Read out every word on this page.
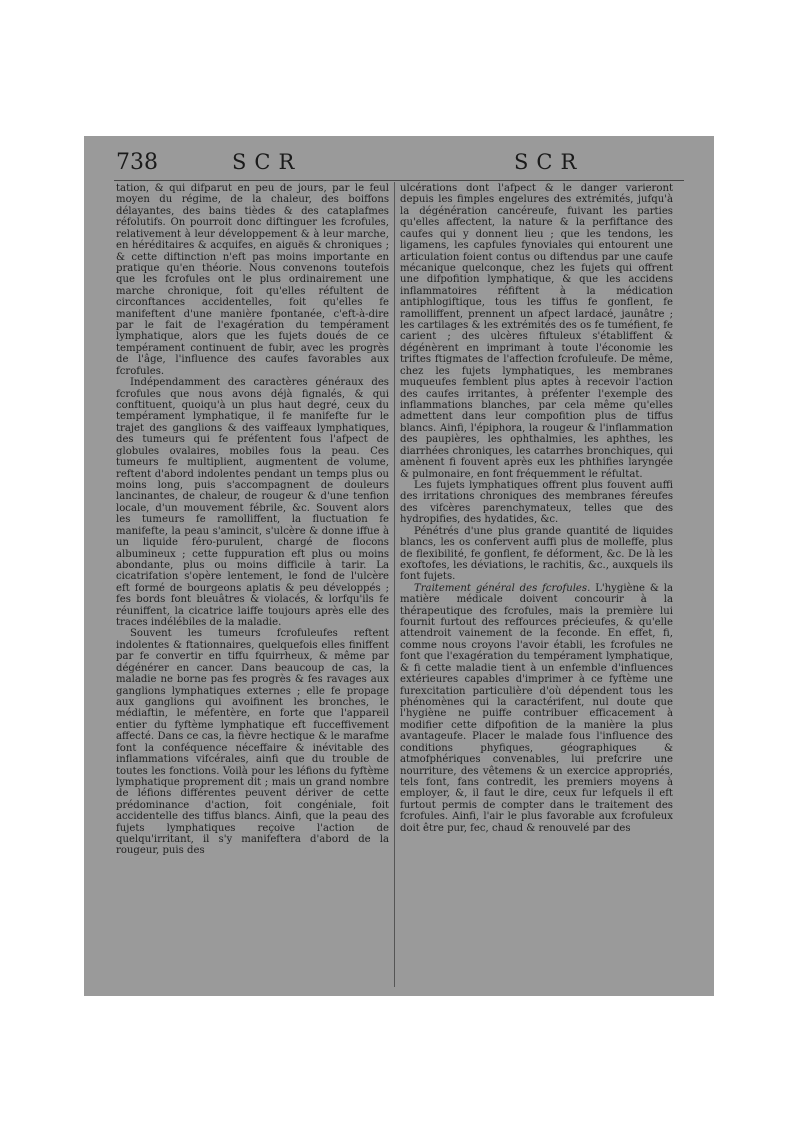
738	SCR	SCR

tation, & qui difparut en peu de jours, par le feul moyen du régime, de la chaleur, des boiffons délayantes, des bains tièdes & des cataplafmes réfolutifs. On pourroit donc diftinguer les fcrofules, relativement à leur développement & à leur marche, en héréditaires & acquifes, en aiguës & chroniques ; & cette diftinction n'eft pas moins importante en pratique qu'en théorie. Nous convenons toutefois que les fcrofules ont le plus ordinairement une marche chronique, foit qu'elles réfultent de circonftances accidentelles, foit qu'elles fe manifeftent d'une manière fpontanée, c'eft-à-dire par le fait de l'exagération du tempérament lymphatique, alors que les fujets doués de ce tempérament continuent de fubir, avec les progrès de l'âge, l'influence des caufes favorables aux fcrofules.

Indépendamment des caractères généraux des fcrofules que nous avons déjà fignalés, & qui conftituent, quoiqu'à un plus haut degré, ceux du tempérament lymphatique, il fe manifefte fur le trajet des ganglions & des vaiffeaux lymphatiques, des tumeurs qui fe préfentent fous l'afpect de globules ovalaires, mobiles fous la peau. Ces tumeurs fe multiplient, augmentent de volume, reftent d'abord indolentes pendant un temps plus ou moins long, puis s'accompagnent de douleurs lancinantes, de chaleur, de rougeur & d'une tenfion locale, d'un mouvement fébrile, &c. Souvent alors les tumeurs fe ramolliffent, la fluctuation fe manifefte, la peau s'amincit, s'ulcère & donne iffue à un liquide féro-purulent, chargé de flocons albumineux ; cette fuppuration eft plus ou moins abondante, plus ou moins difficile à tarir. La cicatrifation s'opère lentement, le fond de l'ulcère eft formé de bourgeons aplatis & peu développés ; fes bords font bleuâtres & violacés, & lorfqu'ils fe réuniffent, la cicatrice laiffe toujours après elle des traces indélébiles de la maladie.

Souvent les tumeurs fcrofuleufes reftent indolentes & ftationnaires, quelquefois elles finiffent par fe convertir en tiffu fquirrheux, & même par dégénérer en cancer. Dans beaucoup de cas, la maladie ne borne pas fes progrès & fes ravages aux ganglions lymphatiques externes ; elle fe propage aux ganglions qui avoifinent les bronches, le médiaftin, le méfentère, en forte que l'appareil entier du fyftème lymphatique eft fucceffivement affecté. Dans ce cas, la fièvre hectique & le marafme font la conféquence néceffaire & inévitable des inflammations vifcérales, ainfi que du trouble de toutes les fonctions. Voilà pour les léfions du fyftème lymphatique proprement dit ; mais un grand nombre de léfions différentes peuvent dériver de cette prédominance d'action, foit congéniale, foit accidentelle des tiffus blancs. Ainfi, que la peau des fujets lymphatiques reçoive l'action de quelqu'irritant, il s'y manifeftera d'abord de la rougeur, puis des

ulcérations dont l'afpect & le danger varieront depuis les fimples engelures des extrémités, jufqu'à la dégénération cancéreufe, fuivant les parties qu'elles affectent, la nature & la perfiftance des caufes qui y donnent lieu ; que les tendons, les ligamens, les capfules fynoviales qui entourent une articulation foient contus ou diftendus par une caufe mécanique quelconque, chez les fujets qui offrent une difpofition lymphatique, & que les accidens inflammatoires réfiftent à la médication antiphlogiftique, tous les tiffus fe gonflent, fe ramolliffent, prennent un afpect lardacé, jaunâtre ; les cartilages & les extrémités des os fe tuméfient, fe carient ; des ulcères fiftuleux s'établiffent & dégénèrent en imprimant à toute l'économie les triftes ftigmates de l'affection fcrofuleufe. De même, chez les fujets lymphatiques, les membranes muqueufes femblent plus aptes à recevoir l'action des caufes irritantes, à préfenter l'exemple des inflammations blanches, par cela même qu'elles admettent dans leur compofition plus de tiffus blancs. Ainfi, l'épiphora, la rougeur & l'inflammation des paupières, les ophthalmies, les aphthes, les diarrhées chroniques, les catarrhes bronchiques, qui amènent fi fouvent après eux les phthifies laryngée & pulmonaire, en font fréquemment le réfultat.

Les fujets lymphatiques offrent plus fouvent auffi des irritations chroniques des membranes féreufes des vifcères parenchymateux, telles que des hydropifies, des hydatides, &c.

Pénétrés d'une plus grande quantité de liquides blancs, les os confervent auffi plus de molleffe, plus de flexibilité, fe gonflent, fe déforment, &c. De là les exoftofes, les déviations, le rachitis, &c., auxquels ils font fujets.

Traitement général des fcrofules. L'hygiène & la matière médicale doivent concourir à la thérapeutique des fcrofules, mais la première lui fournit furtout des reffources précieufes, & qu'elle attendroit vainement de la feconde. En effet, fi, comme nous croyons l'avoir établi, les fcrofules ne font que l'exagération du tempérament lymphatique, & fi cette maladie tient à un enfemble d'influences extérieures capables d'imprimer à ce fyftème une furexcitation particulière d'où dépendent tous les phénomènes qui la caractérifent, nul doute que l'hygiène ne puiffe contribuer efficacement à modifier cette difpofition de la manière la plus avantageufe. Placer le malade fous l'influence des conditions phyfiques, géographiques & atmofphériques convenables, lui prefcrire une nourriture, des vêtemens & un exercice appropriés, tels font, fans contredit, les premiers moyens à employer, &, il faut le dire, ceux fur lefquels il eft furtout permis de compter dans le traitement des fcrofules. Ainfi, l'air le plus favorable aux fcrofuleux doit être pur, fec, chaud & renouvelé par des
